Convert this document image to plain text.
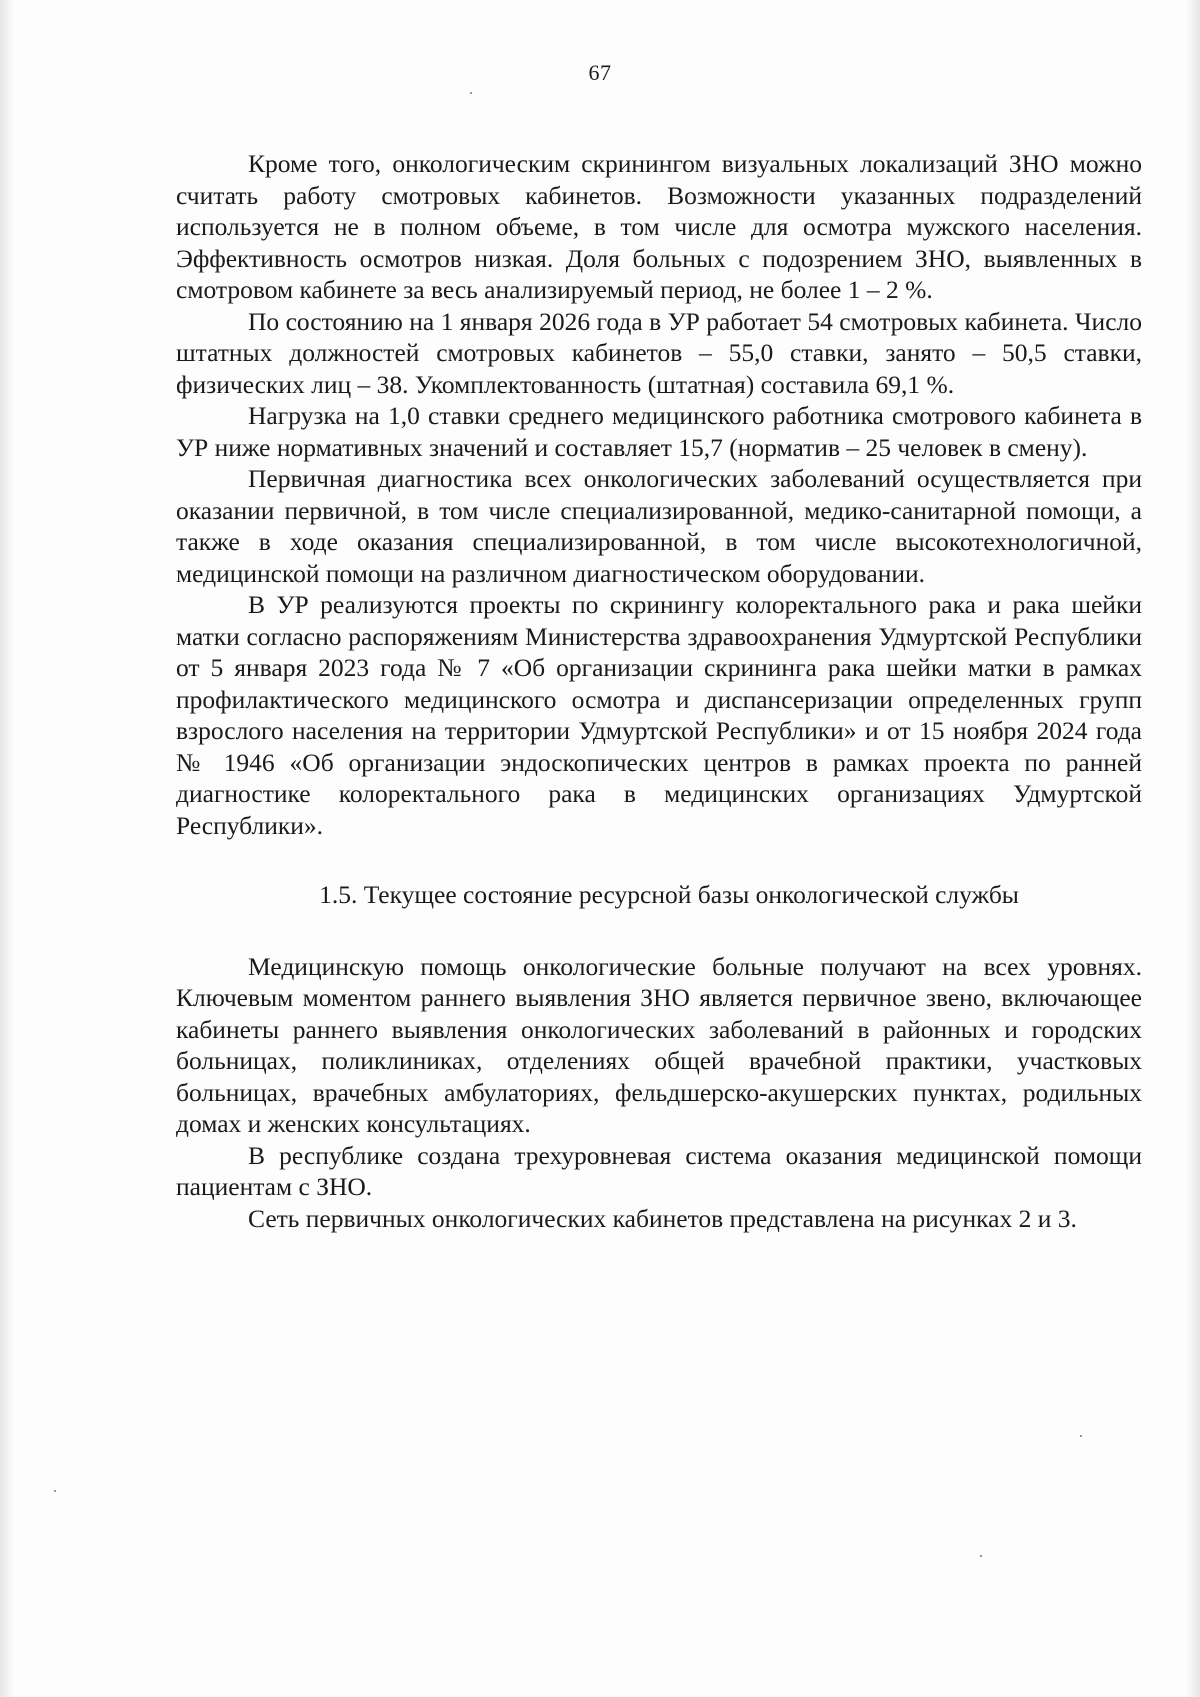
67

Кроме того, онкологическим скринингом визуальных локализаций ЗНО можно считать работу смотровых кабинетов. Возможности указанных подразделений используется не в полном объеме, в том числе для осмотра мужского населения. Эффективность осмотров низкая. Доля больных с подозрением ЗНО, выявленных в смотровом кабинете за весь анализируемый период, не более 1 – 2 %.

По состоянию на 1 января 2026 года в УР работает 54 смотровых кабинета. Число штатных должностей смотровых кабинетов – 55,0 ставки, занято – 50,5 ставки, физических лиц – 38. Укомплектованность (штатная) составила 69,1 %.

Нагрузка на 1,0 ставки среднего медицинского работника смотрового кабинета в УР ниже нормативных значений и составляет 15,7 (норматив – 25 человек в смену).

Первичная диагностика всех онкологических заболеваний осуществляется при оказании первичной, в том числе специализированной, медико-санитарной помощи, а также в ходе оказания специализированной, в том числе высокотехнологичной, медицинской помощи на различном диагностическом оборудовании.

В УР реализуются проекты по скринингу колоректального рака и рака шейки матки согласно распоряжениям Министерства здравоохранения Удмуртской Республики от 5 января 2023 года № 7 «Об организации скрининга рака шейки матки в рамках профилактического медицинского осмотра и диспансеризации определенных групп взрослого населения на территории Удмуртской Республики» и от 15 ноября 2024 года № 1946 «Об организации эндоскопических центров в рамках проекта по ранней диагностике колоректального рака в медицинских организациях Удмуртской Республики».

1.5. Текущее состояние ресурсной базы онкологической службы

Медицинскую помощь онкологические больные получают на всех уровнях. Ключевым моментом раннего выявления ЗНО является первичное звено, включающее кабинеты раннего выявления онкологических заболеваний в районных и городских больницах, поликлиниках, отделениях общей врачебной практики, участковых больницах, врачебных амбулаториях, фельдшерско-акушерских пунктах, родильных домах и женских консультациях.

В республике создана трехуровневая система оказания медицинской помощи пациентам с ЗНО.

Сеть первичных онкологических кабинетов представлена на рисунках 2 и 3.
